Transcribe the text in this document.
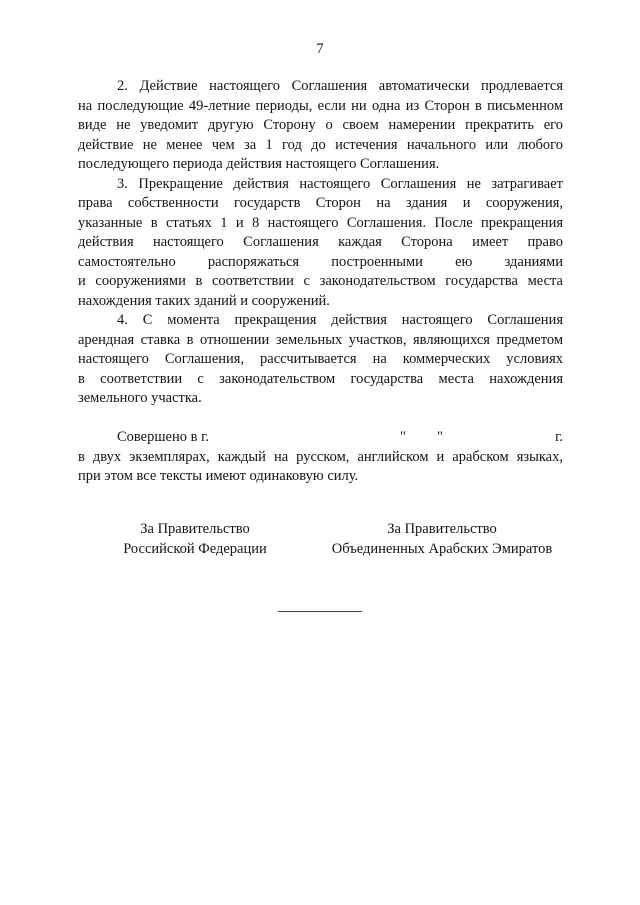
7
2. Действие настоящего Соглашения автоматически продлевается
на последующие 49-летние периоды, если ни одна из Сторон в письменном
виде не уведомит другую Сторону о своем намерении прекратить его
действие не менее чем за 1 год до истечения начального или любого
последующего периода действия настоящего Соглашения.
3. Прекращение действия настоящего Соглашения не затрагивает
права собственности государств Сторон на здания и сооружения,
указанные в статьях 1 и 8 настоящего Соглашения. После прекращения
действия настоящего Соглашения каждая Сторона имеет право
самостоятельно распоряжаться построенными ею зданиями
и сооружениями в соответствии с законодательством государства места
нахождения таких зданий и сооружений.
4. С момента прекращения действия настоящего Соглашения
арендная ставка в отношении земельных участков, являющихся предметом
настоящего Соглашения, рассчитывается на коммерческих условиях
в соответствии с законодательством государства места нахождения
земельного участка.
Совершено в г.	" "	г.
в двух экземплярах, каждый на русском, английском и арабском языках,
при этом все тексты имеют одинаковую силу.
За Правительство
Российской Федерации
За Правительство
Объединенных Арабских Эмиратов
